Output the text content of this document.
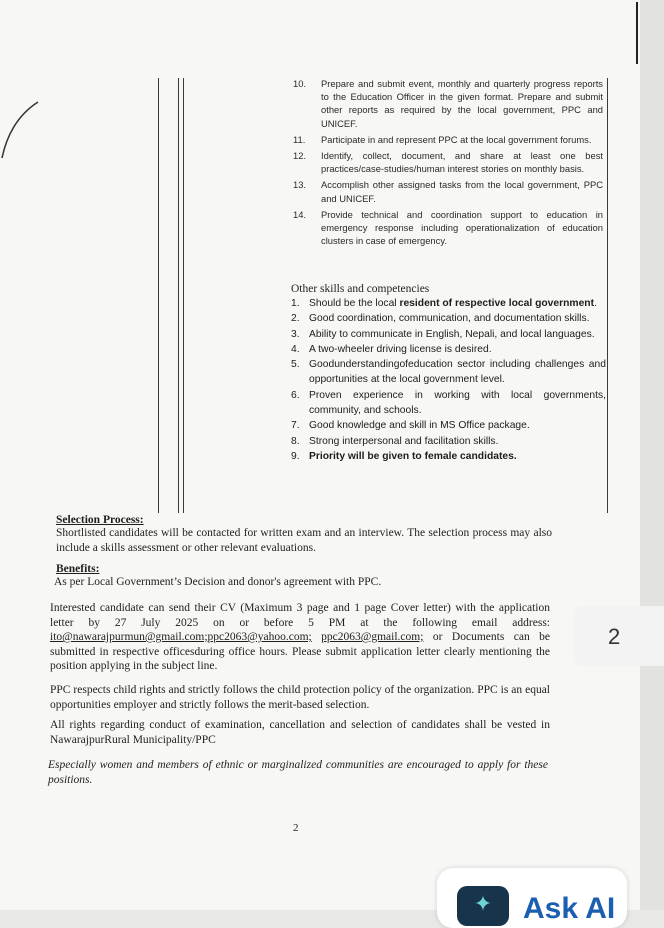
10. Prepare and submit event, monthly and quarterly progress reports to the Education Officer in the given format. Prepare and submit other reports as required by the local government, PPC and UNICEF.
11. Participate in and represent PPC at the local government forums.
12. Identify, collect, document, and share at least one best practices/case-studies/human interest stories on monthly basis.
13. Accomplish other assigned tasks from the local government, PPC and UNICEF.
14. Provide technical and coordination support to education in emergency response including operationalization of education clusters in case of emergency.
Other skills and competencies
1. Should be the local resident of respective local government.
2. Good coordination, communication, and documentation skills.
3. Ability to communicate in English, Nepali, and local languages.
4. A two-wheeler driving license is desired.
5. Goodunderstandingofeducation sector including challenges and opportunities at the local government level.
6. Proven experience in working with local governments, community, and schools.
7. Good knowledge and skill in MS Office package.
8. Strong interpersonal and facilitation skills.
9. Priority will be given to female candidates.
Selection Process:
Shortlisted candidates will be contacted for written exam and an interview. The selection process may also include a skills assessment or other relevant evaluations.
Benefits:
As per Local Government’s Decision and donor's agreement with PPC.
Interested candidate can send their CV (Maximum 3 page and 1 page Cover letter) with the application letter by 27 July 2025 on or before 5 PM at the following email address: ito@nawarajpurmun@gmail.com;ppc2063@yahoo.com; ppc2063@gmail.com; or Documents can be submitted in respective officesduring office hours. Please submit application letter clearly mentioning the position applying in the subject line.
PPC respects child rights and strictly follows the child protection policy of the organization. PPC is an equal opportunities employer and strictly follows the merit-based selection.
All rights regarding conduct of examination, cancellation and selection of candidates shall be vested in NawarajpurRural Municipality/PPC
Especially women and members of ethnic or marginalized communities are encouraged to apply for these positions.
2
2
✦	Ask AI
